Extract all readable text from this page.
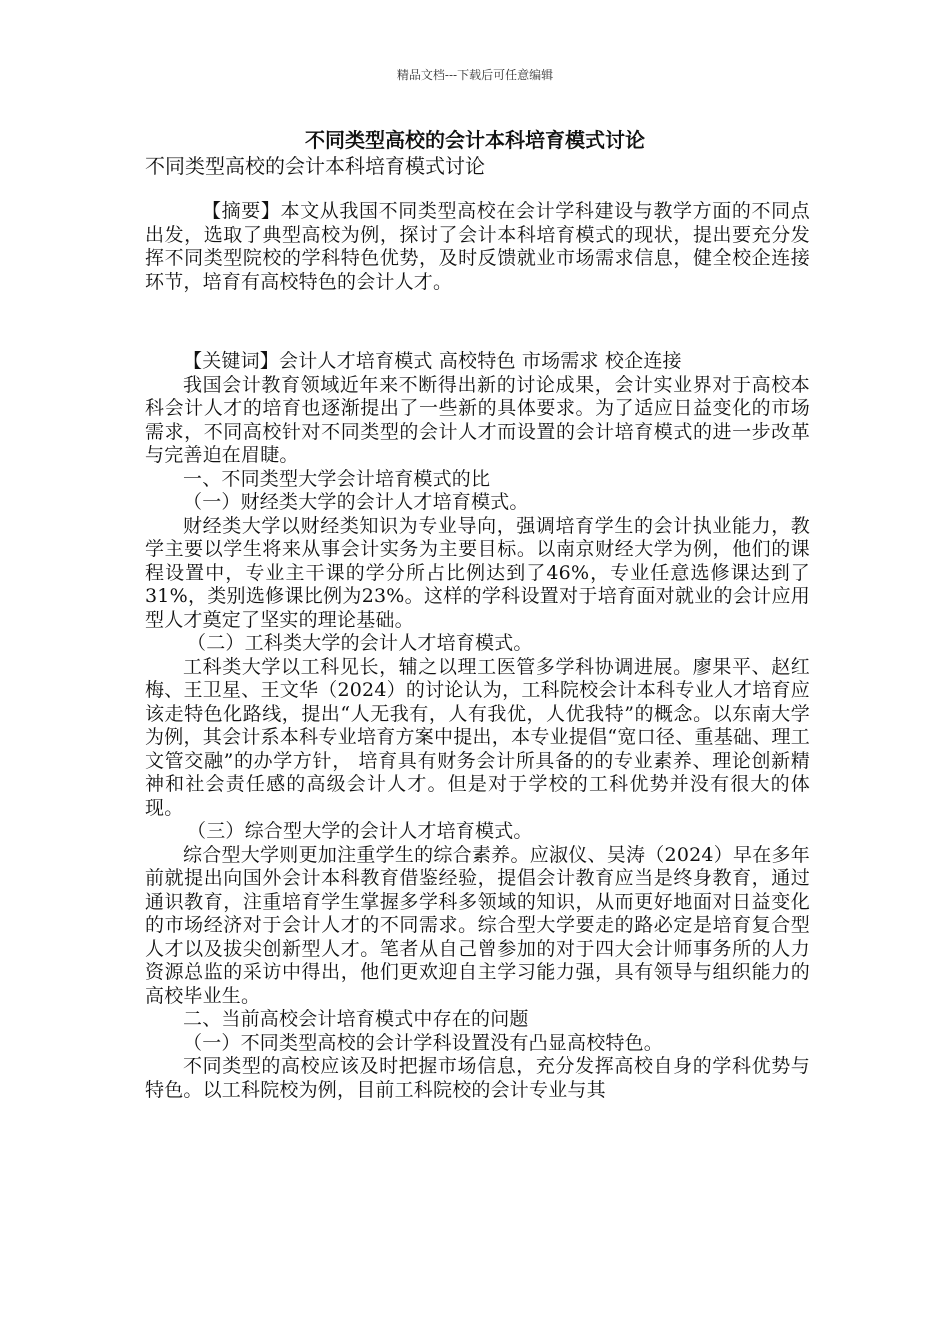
精品文档---下载后可任意编辑
不同类型高校的会计本科培育模式讨论

不同类型高校的会计本科培育模式讨论

【摘要】本文从我国不同类型高校在会计学科建设与教学方面的不同点出发，选取了典型高校为例，探讨了会计本科培育模式的现状，提出要充分发挥不同类型院校的学科特色优势，及时反馈就业市场需求信息，健全校企连接环节，培育有高校特色的会计人才。

【关键词】会计人才培育模式 高校特色 市场需求 校企连接

我国会计教育领域近年来不断得出新的讨论成果，会计实业界对于高校本科会计人才的培育也逐渐提出了一些新的具体要求。为了适应日益变化的市场需求，不同高校针对不同类型的会计人才而设置的会计培育模式的进一步改革与完善迫在眉睫。

一、不同类型大学会计培育模式的比

（一）财经类大学的会计人才培育模式。

财经类大学以财经类知识为专业导向，强调培育学生的会计执业能力，教学主要以学生将来从事会计实务为主要目标。以南京财经大学为例，他们的课程设置中，专业主干课的学分所占比例达到了46%，专业任意选修课达到了31%，类别选修课比例为23%。这样的学科设置对于培育面对就业的会计应用型人才奠定了坚实的理论基础。

（二）工科类大学的会计人才培育模式。

工科类大学以工科见长，辅之以理工医管多学科协调进展。廖果平、赵红梅、王卫星、王文华（2024）的讨论认为，工科院校会计本科专业人才培育应该走特色化路线，提出“人无我有，人有我优，人优我特”的概念。以东南大学为例，其会计系本科专业培育方案中提出，本专业提倡“宽口径、重基础、理工文管交融”的办学方针， 培育具有财务会计所具备的的专业素养、理论创新精神和社会责任感的高级会计人才。但是对于学校的工科优势并没有很大的体现。

（三）综合型大学的会计人才培育模式。

综合型大学则更加注重学生的综合素养。应淑仪、吴涛（2024）早在多年前就提出向国外会计本科教育借鉴经验，提倡会计教育应当是终身教育，通过通识教育，注重培育学生掌握多学科多领域的知识，从而更好地面对日益变化的市场经济对于会计人才的不同需求。综合型大学要走的路必定是培育复合型人才以及拔尖创新型人才。笔者从自己曾参加的对于四大会计师事务所的人力资源总监的采访中得出，他们更欢迎自主学习能力强，具有领导与组织能力的高校毕业生。

二、当前高校会计培育模式中存在的问题

（一）不同类型高校的会计学科设置没有凸显高校特色。

不同类型的高校应该及时把握市场信息，充分发挥高校自身的学科优势与特色。以工科院校为例，目前工科院校的会计专业与其
